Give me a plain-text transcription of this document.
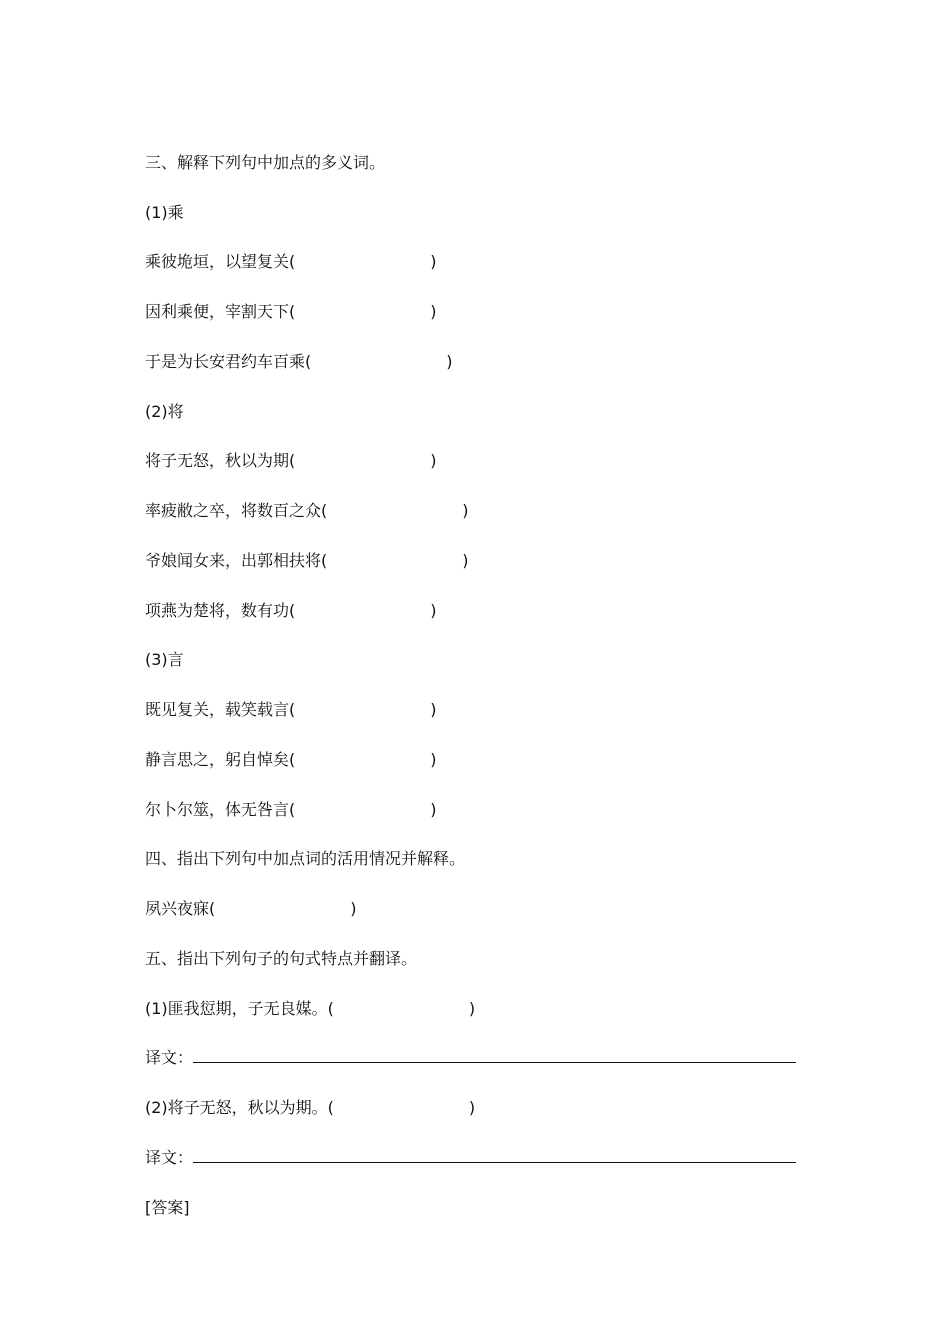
三、解释下列句中加点的多义词。
(1)乘
乘彼垝垣，以望复关(	)
因利乘便，宰割天下(	)
于是为长安君约车百乘(	)
(2)将
将子无怒，秋以为期(	)
率疲敝之卒，将数百之众(	)
爷娘闻女来，出郭相扶将(	)
项燕为楚将，数有功(	)
(3)言
既见复关，载笑载言(	)
静言思之，躬自悼矣(	)
尔卜尔筮，体无咎言(	)
四、指出下列句中加点词的活用情况并解释。
夙兴夜寐(	)
五、指出下列句子的句式特点并翻译。
(1)匪我愆期，子无良媒。(	)
译文：
(2)将子无怒，秋以为期。(	)
译文：
[答案]
